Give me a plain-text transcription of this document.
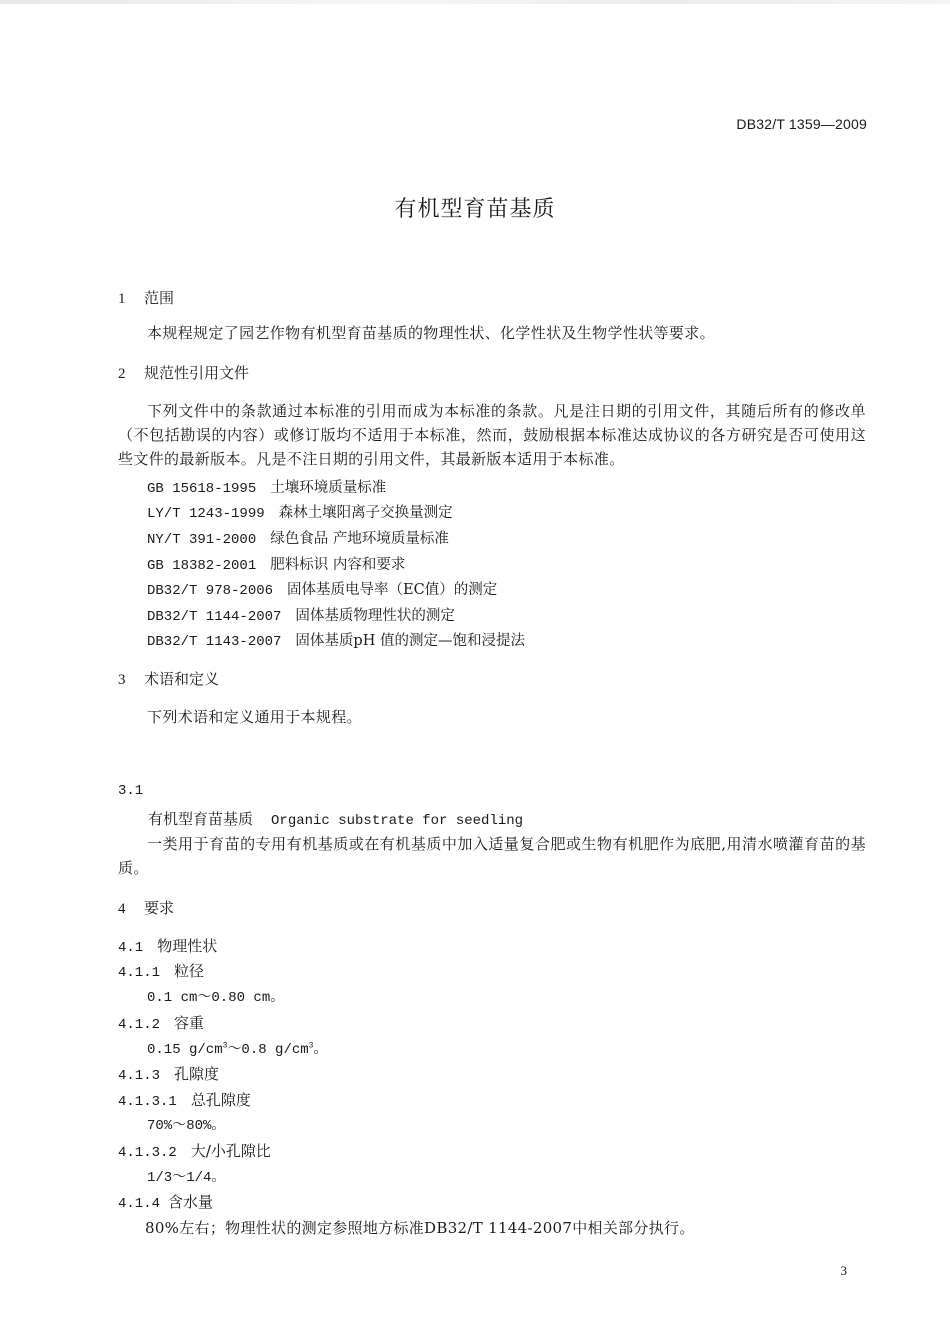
DB32/T 1359—2009
有机型育苗基质
1 范围
本规程规定了园艺作物有机型育苗基质的物理性状、化学性状及生物学性状等要求。
2 规范性引用文件
下列文件中的条款通过本标准的引用而成为本标准的条款。凡是注日期的引用文件，其随后所有的修改单（不包括勘误的内容）或修订版均不适用于本标准，然而，鼓励根据本标准达成协议的各方研究是否可使用这些文件的最新版本。凡是不注日期的引用文件，其最新版本适用于本标准。
GB 15618-1995 土壤环境质量标准
LY/T 1243-1999 森林土壤阳离子交换量测定
NY/T 391-2000 绿色食品 产地环境质量标准
GB 18382-2001 肥料标识 内容和要求
DB32/T 978-2006 固体基质电导率（EC值）的测定
DB32/T 1144-2007 固体基质物理性状的测定
DB32/T 1143-2007 固体基质pH 值的测定—饱和浸提法
3 术语和定义
下列术语和定义通用于本规程。
3.1
有机型育苗基质 Organic substrate for seedling
一类用于育苗的专用有机基质或在有机基质中加入适量复合肥或生物有机肥作为底肥,用清水喷灌育苗的基质。
4 要求
4.1 物理性状
4.1.1 粒径
0.1 cm～0.80 cm。
4.1.2 容重
0.15 $g/cm^3\sim 0.8$ $g/cm^3$。
4.1.3 孔隙度
4.1.3.1 总孔隙度
70%～80%。
4.1.3.2 大/小孔隙比
1/3～1/4。
4.1.4 含水量
80%左右；物理性状的测定参照地方标准DB32/T 1144-2007中相关部分执行。
3
